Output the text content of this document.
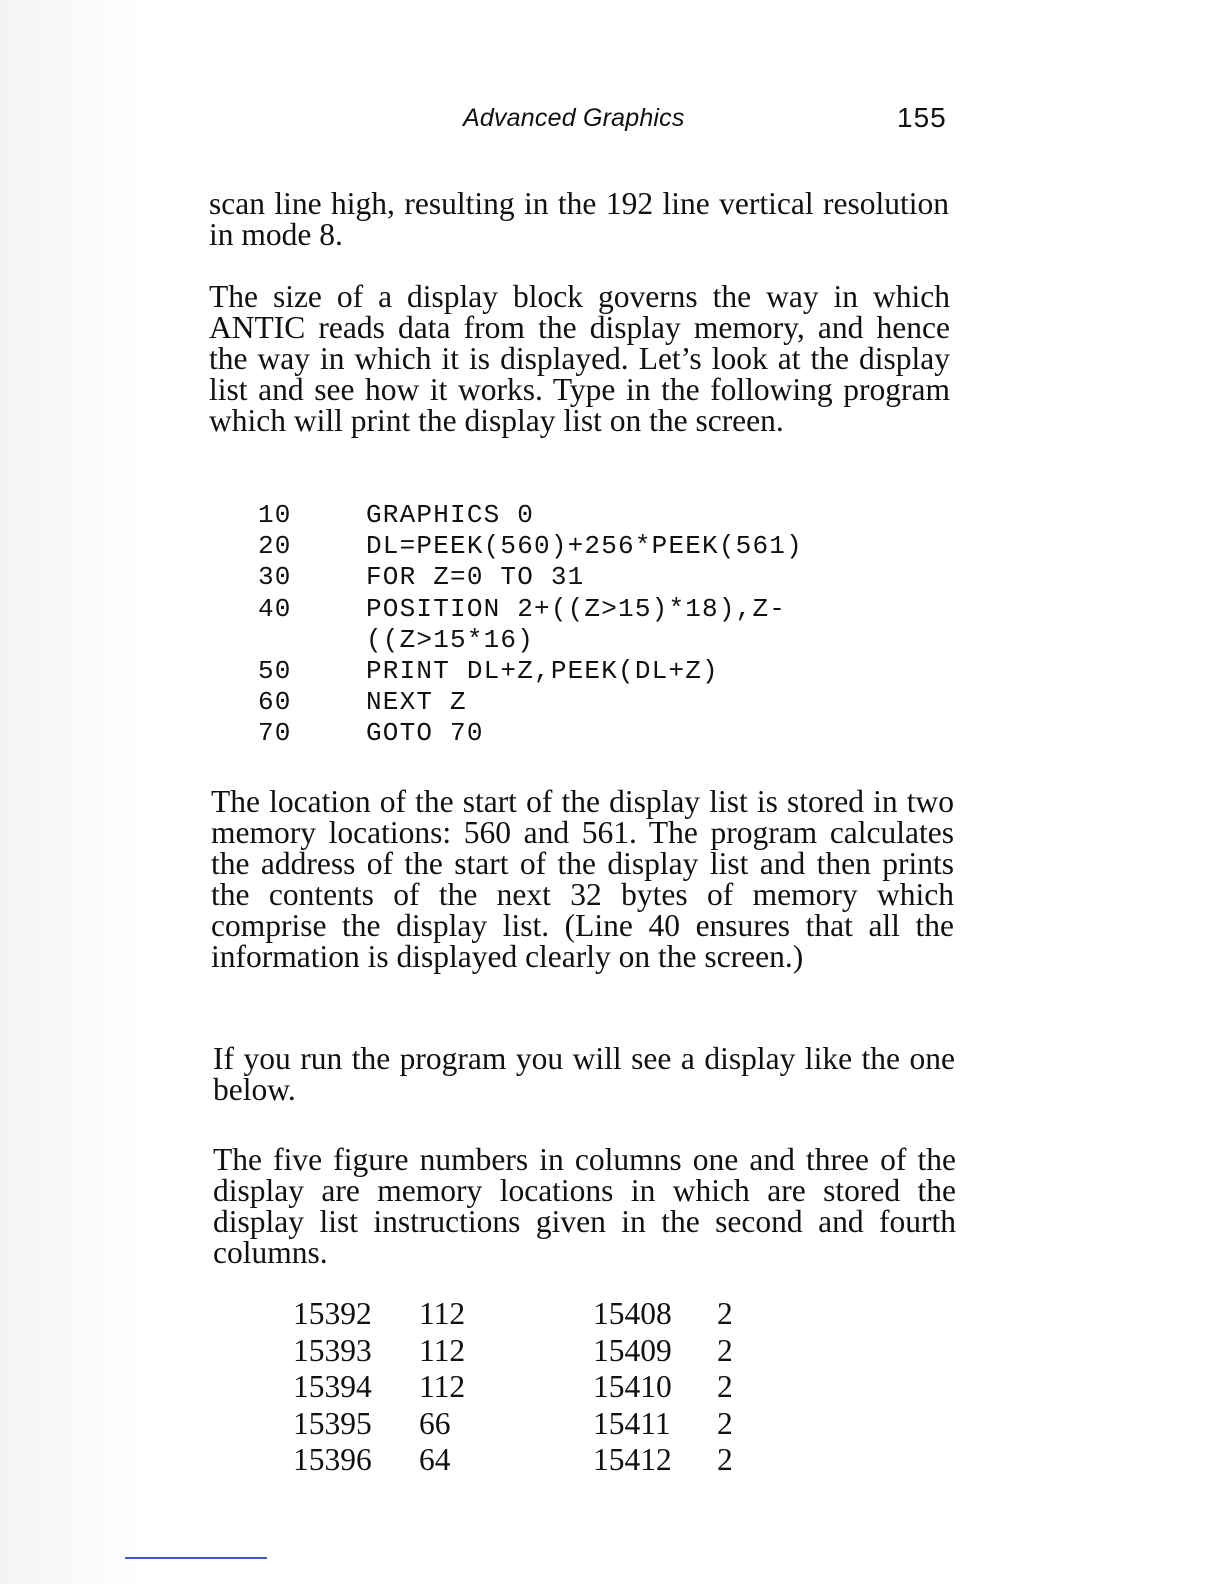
Advanced Graphics	155

scan line high, resulting in the 192 line vertical resolution in mode 8.

The size of a display block governs the way in which ANTIC reads data from the display memory, and hence the way in which it is displayed. Let’s look at the display list and see how it works. Type in the following program which will print the display list on the screen.

10	GRAPHICS 0
20	DL=PEEK(560)+256*PEEK(561)
30	FOR Z=0 TO 31
40	POSITION 2+((Z>15)*18),Z-
((Z>15*16)
50	PRINT DL+Z,PEEK(DL+Z)
60	NEXT Z
70	GOTO 70

The location of the start of the display list is stored in two memory locations: 560 and 561. The program calculates the address of the start of the display list and then prints the contents of the next 32 bytes of memory which comprise the display list. (Line 40 ensures that all the information is displayed clearly on the screen.)

If you run the program you will see a display like the one below.

The five figure numbers in columns one and three of the display are memory locations in which are stored the display list instructions given in the second and fourth columns.

15392	112	15408	2
15393	112	15409	2
15394	112	15410	2
15395	66	15411	2
15396	64	15412	2
